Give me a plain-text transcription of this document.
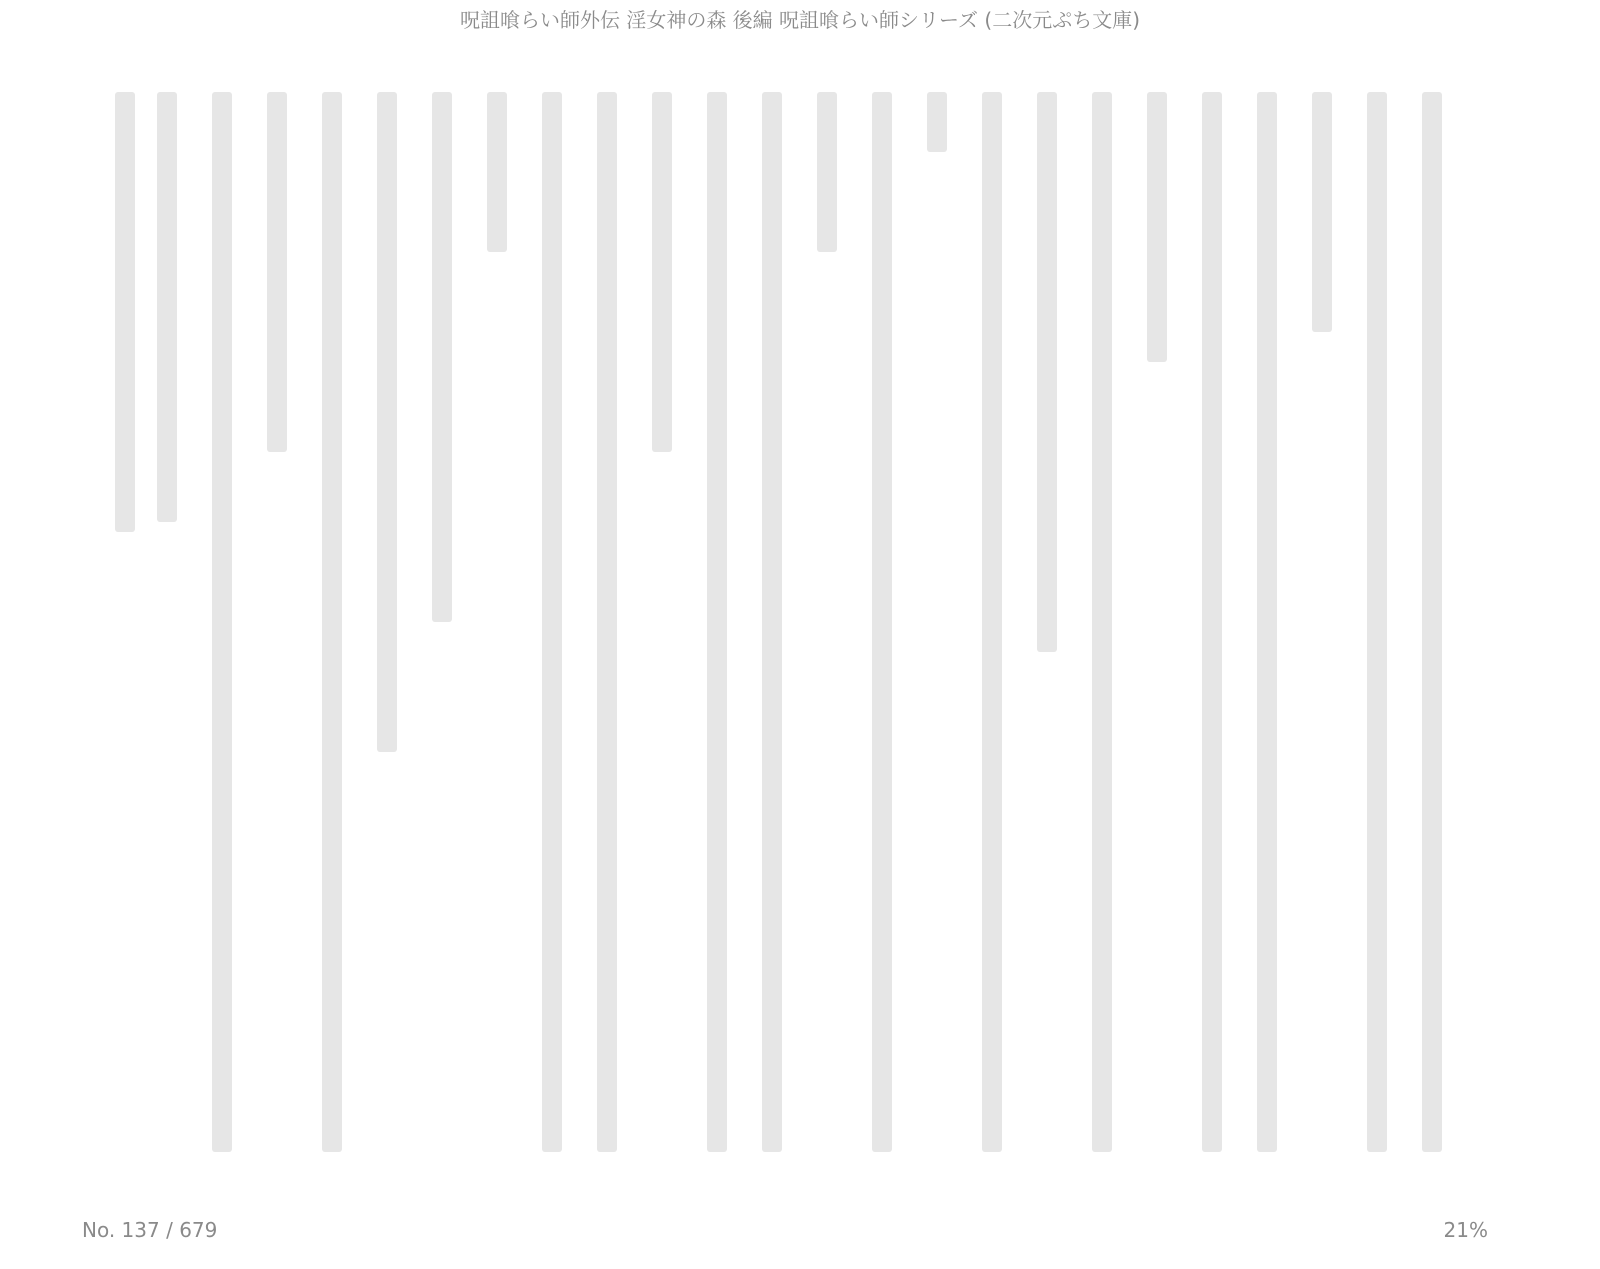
呪詛喰らい師外伝 淫女神の森 後編 呪詛喰らい師シリーズ (二次元ぷち文庫)
No. 137 / 679	21%
